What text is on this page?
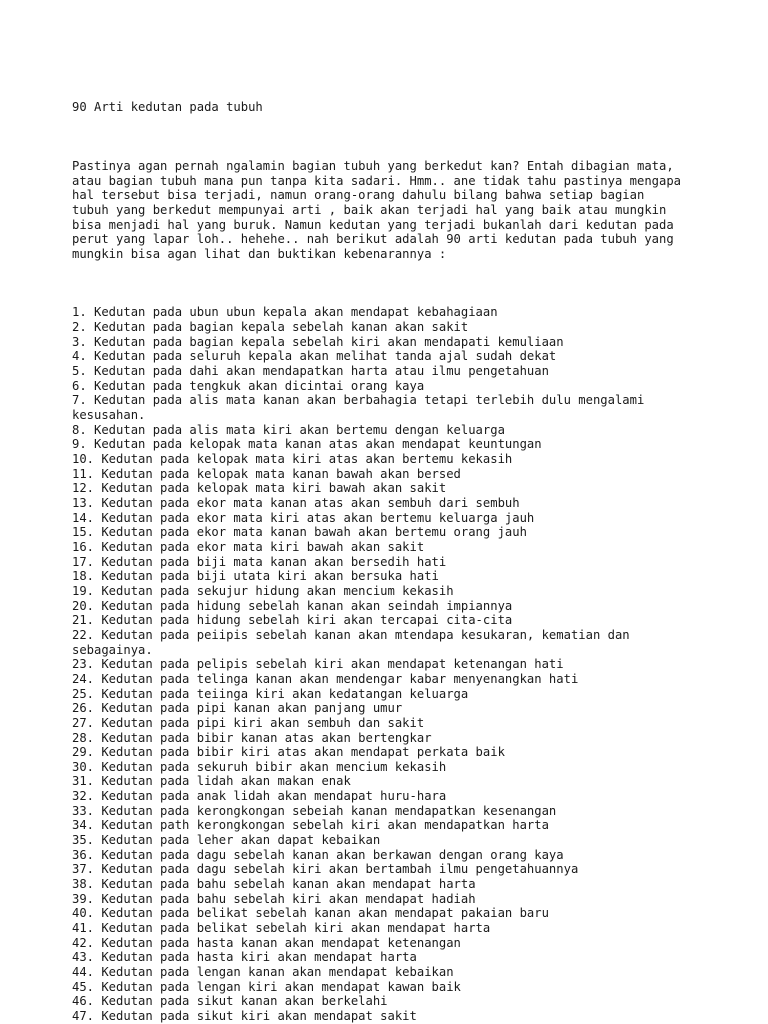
90 Arti kedutan pada tubuh

Pastinya agan pernah ngalamin bagian tubuh yang berkedut kan? Entah dibagian mata,
atau bagian tubuh mana pun tanpa kita sadari. Hmm.. ane tidak tahu pastinya mengapa
hal tersebut bisa terjadi, namun orang-orang dahulu bilang bahwa setiap bagian
tubuh yang berkedut mempunyai arti , baik akan terjadi hal yang baik atau mungkin
bisa menjadi hal yang buruk. Namun kedutan yang terjadi bukanlah dari kedutan pada
perut yang lapar loh.. hehehe.. nah berikut adalah 90 arti kedutan pada tubuh yang
mungkin bisa agan lihat dan buktikan kebenarannya :

1. Kedutan pada ubun ubun kepala akan mendapat kebahagiaan
2. Kedutan pada bagian kepala sebelah kanan akan sakit
3. Kedutan pada bagian kepala sebelah kiri akan mendapati kemuliaan
4. Kedutan pada seluruh kepala akan melihat tanda ajal sudah dekat
5. Kedutan pada dahi akan mendapatkan harta atau ilmu pengetahuan
6. Kedutan pada tengkuk akan dicintai orang kaya
7. Kedutan pada alis mata kanan akan berbahagia tetapi terlebih dulu mengalami
kesusahan.
8. Kedutan pada alis mata kiri akan bertemu dengan keluarga
9. Kedutan pada kelopak mata kanan atas akan mendapat keuntungan
10. Kedutan pada kelopak mata kiri atas akan bertemu kekasih
11. Kedutan pada kelopak mata kanan bawah akan bersed
12. Kedutan pada kelopak mata kiri bawah akan sakit
13. Kedutan pada ekor mata kanan atas akan sembuh dari sembuh
14. Kedutan pada ekor mata kiri atas akan bertemu keluarga jauh
15. Kedutan pada ekor mata kanan bawah akan bertemu orang jauh
16. Kedutan pada ekor mata kiri bawah akan sakit
17. Kedutan pada biji mata kanan akan bersedih hati
18. Kedutan pada biji utata kiri akan bersuka hati
19. Kedutan pada sekujur hidung akan mencium kekasih
20. Kedutan pada hidung sebelah kanan akan seindah impiannya
21. Kedutan pada hidung sebelah kiri akan tercapai cita-cita
22. Kedutan pada peiipis sebelah kanan akan mtendapa kesukaran, kematian dan
sebagainya.
23. Kedutan pada pelipis sebelah kiri akan mendapat ketenangan hati
24. Kedutan pada telinga kanan akan mendengar kabar menyenangkan hati
25. Kedutan pada teiinga kiri akan kedatangan keluarga
26. Kedutan pada pipi kanan akan panjang umur
27. Kedutan pada pipi kiri akan sembuh dan sakit
28. Kedutan pada bibir kanan atas akan bertengkar
29. Kedutan pada bibir kiri atas akan mendapat perkata baik
30. Kedutan pada sekuruh bibir akan mencium kekasih
31. Kedutan pada lidah akan makan enak
32. Kedutan pada anak lidah akan mendapat huru-hara
33. Kedutan pada kerongkongan sebeiah kanan mendapatkan kesenangan
34. Kedutan path kerongkongan sebelah kiri akan mendapatkan harta
35. Kedutan pada leher akan dapat kebaikan
36. Kedutan pada dagu sebelah kanan akan berkawan dengan orang kaya
37. Kedutan pada dagu sebelah kiri akan bertambah ilmu pengetahuannya
38. Kedutan pada bahu sebelah kanan akan mendapat harta
39. Kedutan pada bahu sebelah kiri akan mendapat hadiah
40. Kedutan pada belikat sebelah kanan akan mendapat pakaian baru
41. Kedutan pada belikat sebelah kiri akan mendapat harta
42. Kedutan pada hasta kanan akan mendapat ketenangan
43. Kedutan pada hasta kiri akan mendapat harta
44. Kedutan pada lengan kanan akan mendapat kebaikan
45. Kedutan pada lengan kiri akan mendapat kawan baik
46. Kedutan pada sikut kanan akan berkelahi
47. Kedutan pada sikut kiri akan mendapat sakit
